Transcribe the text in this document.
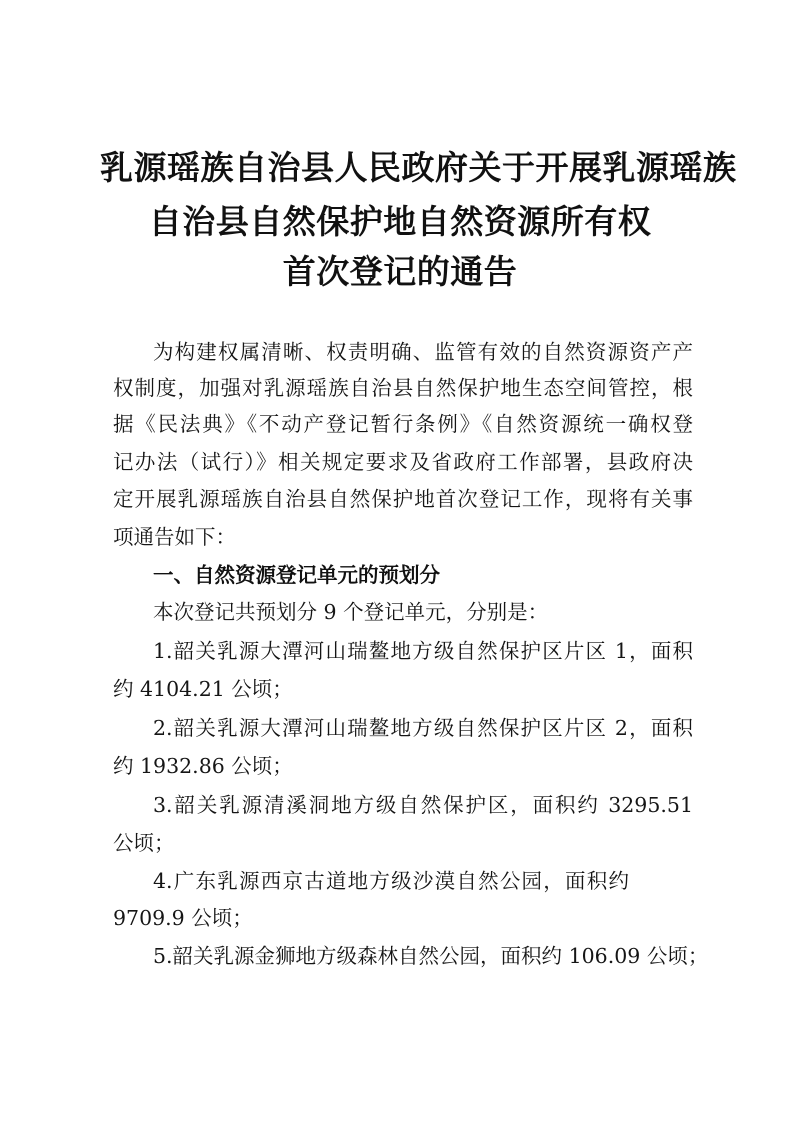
乳源瑶族自治县人民政府关于开展乳源瑶族
自治县自然保护地自然资源所有权
首次登记的通告
为构建权属清晰、权责明确、监管有效的自然资源资产产
权制度，加强对乳源瑶族自治县自然保护地生态空间管控，根
据《民法典》《不动产登记暂行条例》《自然资源统一确权登
记办法（试行）》相关规定要求及省政府工作部署，县政府决
定开展乳源瑶族自治县自然保护地首次登记工作，现将有关事
项通告如下：
一、自然资源登记单元的预划分
本次登记共预划分 9 个登记单元，分别是：
1.韶关乳源大潭河山瑞鳌地方级自然保护区片区 1，面积
约 4104.21 公顷；
2.韶关乳源大潭河山瑞鳌地方级自然保护区片区 2，面积
约 1932.86 公顷；
3.韶关乳源清溪洞地方级自然保护区，面积约 3295.51
公顷；
4.广东乳源西京古道地方级沙漠自然公园，面积约
9709.9 公顷；
5.韶关乳源金狮地方级森林自然公园，面积约 106.09 公顷；
